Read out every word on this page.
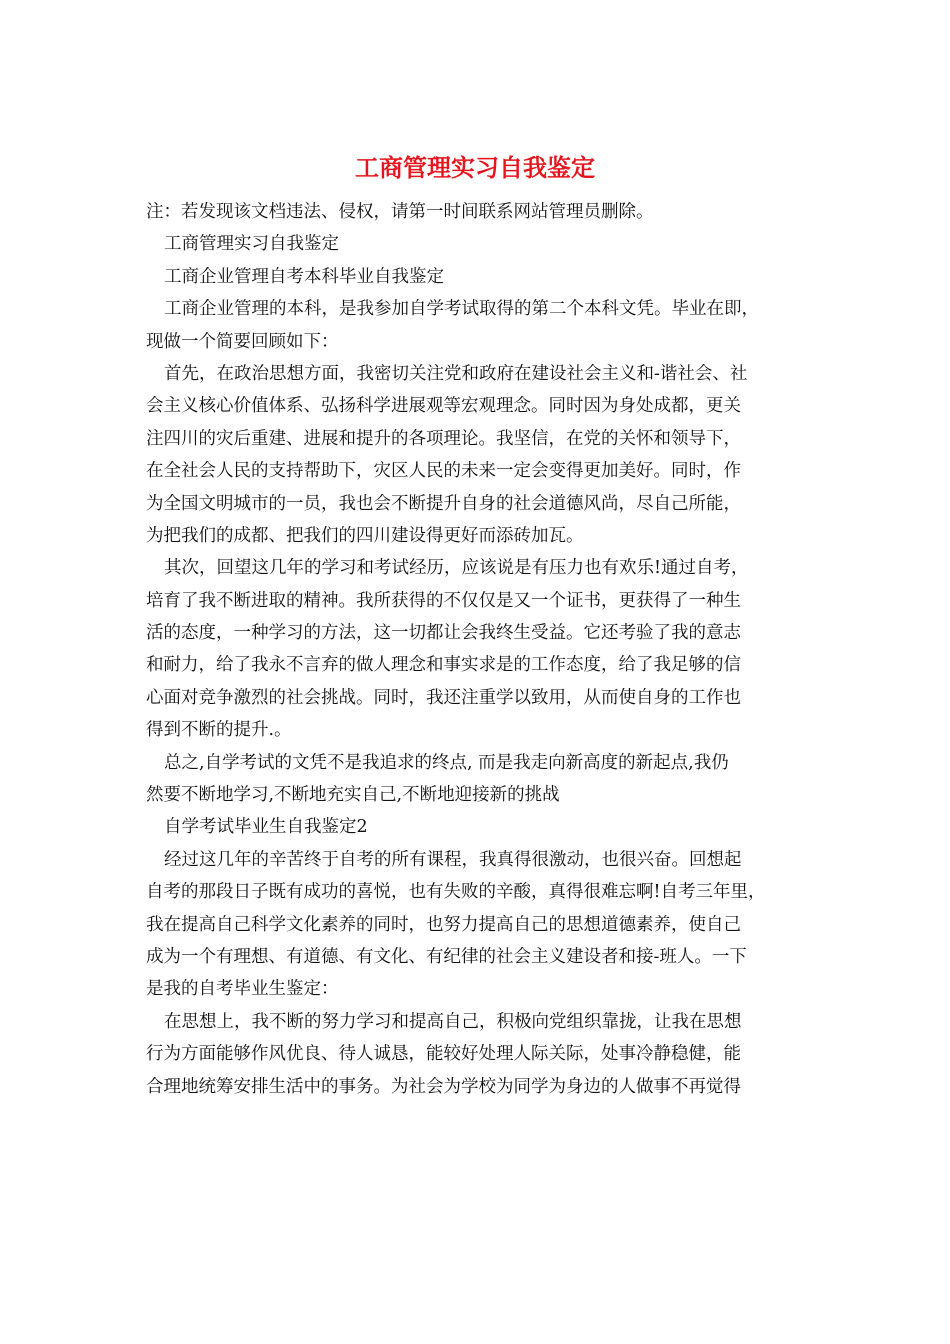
工商管理实习自我鉴定

注：若发现该文档违法、侵权，请第一时间联系网站管理员删除。

工商管理实习自我鉴定

工商企业管理自考本科毕业自我鉴定

工商企业管理的本科，是我参加自学考试取得的第二个本科文凭。毕业在即，

现做一个简要回顾如下：

首先，在政治思想方面，我密切关注党和政府在建设社会主义和-谐社会、社

会主义核心价值体系、弘扬科学进展观等宏观理念。同时因为身处成都，更关

注四川的灾后重建、进展和提升的各项理论。我坚信，在党的关怀和领导下，

在全社会人民的支持帮助下，灾区人民的未来一定会变得更加美好。同时，作

为全国文明城市的一员，我也会不断提升自身的社会道德风尚，尽自己所能，

为把我们的成都、把我们的四川建设得更好而添砖加瓦。

其次，回望这几年的学习和考试经历，应该说是有压力也有欢乐!通过自考，

培育了我不断进取的精神。我所获得的不仅仅是又一个证书，更获得了一种生

活的态度，一种学习的方法，这一切都让会我终生受益。它还考验了我的意志

和耐力，给了我永不言弃的做人理念和事实求是的工作态度，给了我足够的信

心面对竞争激烈的社会挑战。同时，我还注重学以致用，从而使自身的工作也

得到不断的提升.。

总之,自学考试的文凭不是我追求的终点, 而是我走向新高度的新起点,我仍

然要不断地学习,不断地充实自己,不断地迎接新的挑战

自学考试毕业生自我鉴定2

经过这几年的辛苦终于自考的所有课程，我真得很激动，也很兴奋。回想起

自考的那段日子既有成功的喜悦，也有失败的辛酸，真得很难忘啊!自考三年里，

我在提高自己科学文化素养的同时，也努力提高自己的思想道德素养，使自己

成为一个有理想、有道德、有文化、有纪律的社会主义建设者和接-班人。一下

是我的自考毕业生鉴定：

在思想上，我不断的努力学习和提高自己，积极向党组织靠拢，让我在思想

行为方面能够作风优良、待人诚恳，能较好处理人际关际，处事冷静稳健，能

合理地统筹安排生活中的事务。为社会为学校为同学为身边的人做事不再觉得
